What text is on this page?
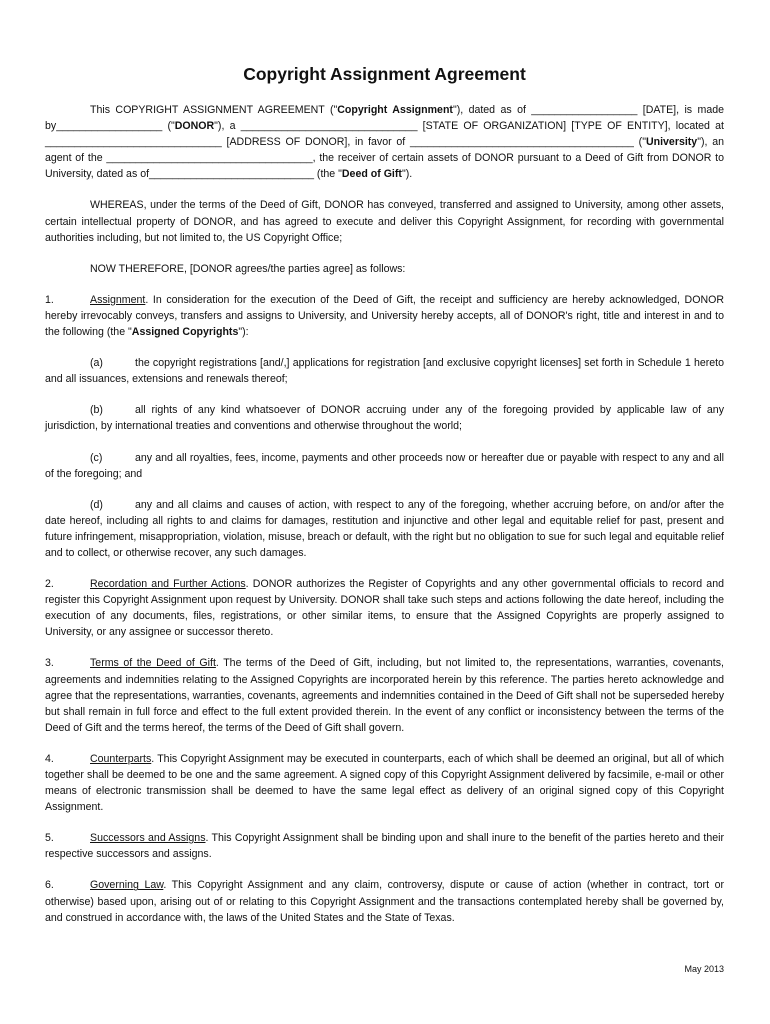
Copyright Assignment Agreement

This COPYRIGHT ASSIGNMENT AGREEMENT ("Copyright Assignment"), dated as of __________________ [DATE], is made by__________________ ("DONOR"), a ______________________________ [STATE OF ORGANIZATION] [TYPE OF ENTITY], located at ______________________________ [ADDRESS OF DONOR], in favor of ______________________________________ ("University"), an agent of the ___________________________________, the receiver of certain assets of DONOR pursuant to a Deed of Gift from DONOR to University, dated as of____________________________ (the "Deed of Gift").

WHEREAS, under the terms of the Deed of Gift, DONOR has conveyed, transferred and assigned to University, among other assets, certain intellectual property of DONOR, and has agreed to execute and deliver this Copyright Assignment, for recording with governmental authorities including, but not limited to, the US Copyright Office;

NOW THEREFORE, [DONOR agrees/the parties agree] as follows:

1.	Assignment. In consideration for the execution of the Deed of Gift, the receipt and sufficiency are hereby acknowledged, DONOR hereby irrevocably conveys, transfers and assigns to University, and University hereby accepts, all of DONOR's right, title and interest in and to the following (the "Assigned Copyrights"):

(a)	the copyright registrations [and/,] applications for registration [and exclusive copyright licenses] set forth in Schedule 1 hereto and all issuances, extensions and renewals thereof;

(b)	all rights of any kind whatsoever of DONOR accruing under any of the foregoing provided by applicable law of any jurisdiction, by international treaties and conventions and otherwise throughout the world;

(c)	any and all royalties, fees, income, payments and other proceeds now or hereafter due or payable with respect to any and all of the foregoing; and

(d)	any and all claims and causes of action, with respect to any of the foregoing, whether accruing before, on and/or after the date hereof, including all rights to and claims for damages, restitution and injunctive and other legal and equitable relief for past, present and future infringement, misappropriation, violation, misuse, breach or default, with the right but no obligation to sue for such legal and equitable relief and to collect, or otherwise recover, any such damages.

2.	Recordation and Further Actions. DONOR authorizes the Register of Copyrights and any other governmental officials to record and register this Copyright Assignment upon request by University. DONOR shall take such steps and actions following the date hereof, including the execution of any documents, files, registrations, or other similar items, to ensure that the Assigned Copyrights are properly assigned to University, or any assignee or successor thereto.

3.	Terms of the Deed of Gift. The terms of the Deed of Gift, including, but not limited to, the representations, warranties, covenants, agreements and indemnities relating to the Assigned Copyrights are incorporated herein by this reference. The parties hereto acknowledge and agree that the representations, warranties, covenants, agreements and indemnities contained in the Deed of Gift shall not be superseded hereby but shall remain in full force and effect to the full extent provided therein. In the event of any conflict or inconsistency between the terms of the Deed of Gift and the terms hereof, the terms of the Deed of Gift shall govern.

4.	Counterparts. This Copyright Assignment may be executed in counterparts, each of which shall be deemed an original, but all of which together shall be deemed to be one and the same agreement. A signed copy of this Copyright Assignment delivered by facsimile, e-mail or other means of electronic transmission shall be deemed to have the same legal effect as delivery of an original signed copy of this Copyright Assignment.

5.	Successors and Assigns. This Copyright Assignment shall be binding upon and shall inure to the benefit of the parties hereto and their respective successors and assigns.

6.	Governing Law. This Copyright Assignment and any claim, controversy, dispute or cause of action (whether in contract, tort or otherwise) based upon, arising out of or relating to this Copyright Assignment and the transactions contemplated hereby shall be governed by, and construed in accordance with, the laws of the United States and the State of Texas.

May 2013
